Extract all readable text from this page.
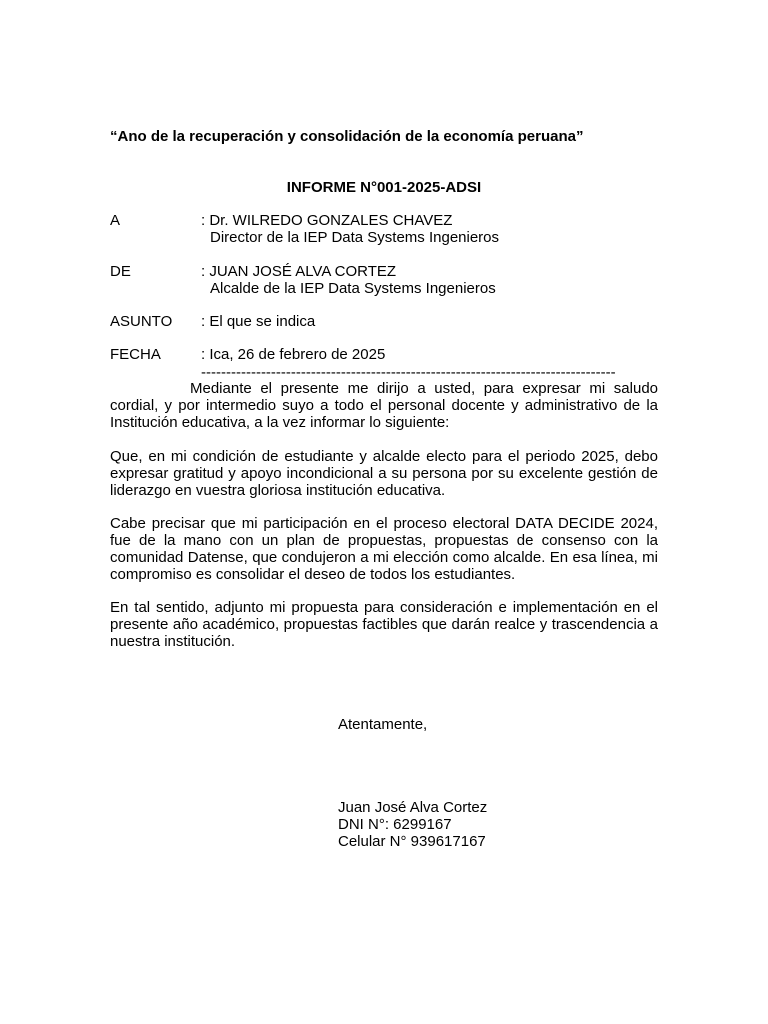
“Ano de la recuperación y consolidación de la economía peruana”
INFORME N°001-2025-ADSI
A	: Dr. WILREDO GONZALES CHAVEZ
Director de la IEP Data Systems Ingenieros
DE	: JUAN JOSÉ ALVA CORTEZ
Alcalde de la IEP Data Systems Ingenieros
ASUNTO : El que se indica
FECHA	: Ica, 26 de febrero de 2025
-----------------------------------------------------------------------------------

Mediante el presente me dirijo a usted, para expresar mi saludo cordial, y por intermedio suyo a todo el personal docente y administrativo de la Institución educativa, a la vez informar lo siguiente:

Que, en mi condición de estudiante y alcalde electo para el periodo 2025, debo expresar gratitud y apoyo incondicional a su persona por su excelente gestión de liderazgo en vuestra gloriosa institución educativa.

Cabe precisar que mi participación en el proceso electoral DATA DECIDE 2024, fue de la mano con un plan de propuestas, propuestas de consenso con la comunidad Datense, que condujeron a mi elección como alcalde. En esa línea, mi compromiso es consolidar el deseo de todos los estudiantes.

En tal sentido, adjunto mi propuesta para consideración e implementación en el presente año académico, propuestas factibles que darán realce y trascendencia a nuestra institución.

Atentamente,
Juan José Alva Cortez
DNI N°: 6299167
Celular N° 939617167
